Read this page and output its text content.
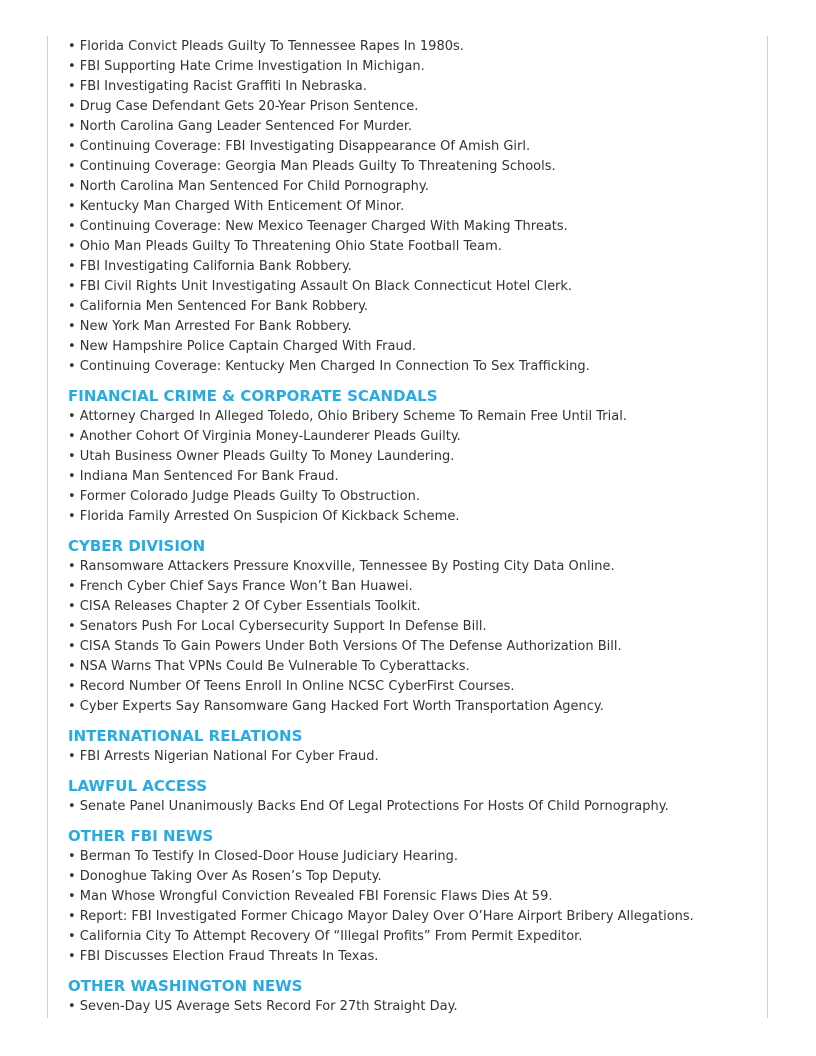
• Florida Convict Pleads Guilty To Tennessee Rapes In 1980s.
• FBI Supporting Hate Crime Investigation In Michigan.
• FBI Investigating Racist Graffiti In Nebraska.
• Drug Case Defendant Gets 20-Year Prison Sentence.
• North Carolina Gang Leader Sentenced For Murder.
• Continuing Coverage: FBI Investigating Disappearance Of Amish Girl.
• Continuing Coverage: Georgia Man Pleads Guilty To Threatening Schools.
• North Carolina Man Sentenced For Child Pornography.
• Kentucky Man Charged With Enticement Of Minor.
• Continuing Coverage: New Mexico Teenager Charged With Making Threats.
• Ohio Man Pleads Guilty To Threatening Ohio State Football Team.
• FBI Investigating California Bank Robbery.
• FBI Civil Rights Unit Investigating Assault On Black Connecticut Hotel Clerk.
• California Men Sentenced For Bank Robbery.
• New York Man Arrested For Bank Robbery.
• New Hampshire Police Captain Charged With Fraud.
• Continuing Coverage: Kentucky Men Charged In Connection To Sex Trafficking.
FINANCIAL CRIME & CORPORATE SCANDALS
• Attorney Charged In Alleged Toledo, Ohio Bribery Scheme To Remain Free Until Trial.
• Another Cohort Of Virginia Money-Launderer Pleads Guilty.
• Utah Business Owner Pleads Guilty To Money Laundering.
• Indiana Man Sentenced For Bank Fraud.
• Former Colorado Judge Pleads Guilty To Obstruction.
• Florida Family Arrested On Suspicion Of Kickback Scheme.
CYBER DIVISION
• Ransomware Attackers Pressure Knoxville, Tennessee By Posting City Data Online.
• French Cyber Chief Says France Won’t Ban Huawei.
• CISA Releases Chapter 2 Of Cyber Essentials Toolkit.
• Senators Push For Local Cybersecurity Support In Defense Bill.
• CISA Stands To Gain Powers Under Both Versions Of The Defense Authorization Bill.
• NSA Warns That VPNs Could Be Vulnerable To Cyberattacks.
• Record Number Of Teens Enroll In Online NCSC CyberFirst Courses.
• Cyber Experts Say Ransomware Gang Hacked Fort Worth Transportation Agency.
INTERNATIONAL RELATIONS
• FBI Arrests Nigerian National For Cyber Fraud.
LAWFUL ACCESS
• Senate Panel Unanimously Backs End Of Legal Protections For Hosts Of Child Pornography.
OTHER FBI NEWS
• Berman To Testify In Closed-Door House Judiciary Hearing.
• Donoghue Taking Over As Rosen’s Top Deputy.
• Man Whose Wrongful Conviction Revealed FBI Forensic Flaws Dies At 59.
• Report: FBI Investigated Former Chicago Mayor Daley Over O’Hare Airport Bribery Allegations.
• California City To Attempt Recovery Of “Illegal Profits” From Permit Expeditor.
• FBI Discusses Election Fraud Threats In Texas.
OTHER WASHINGTON NEWS
• Seven-Day US Average Sets Record For 27th Straight Day.
